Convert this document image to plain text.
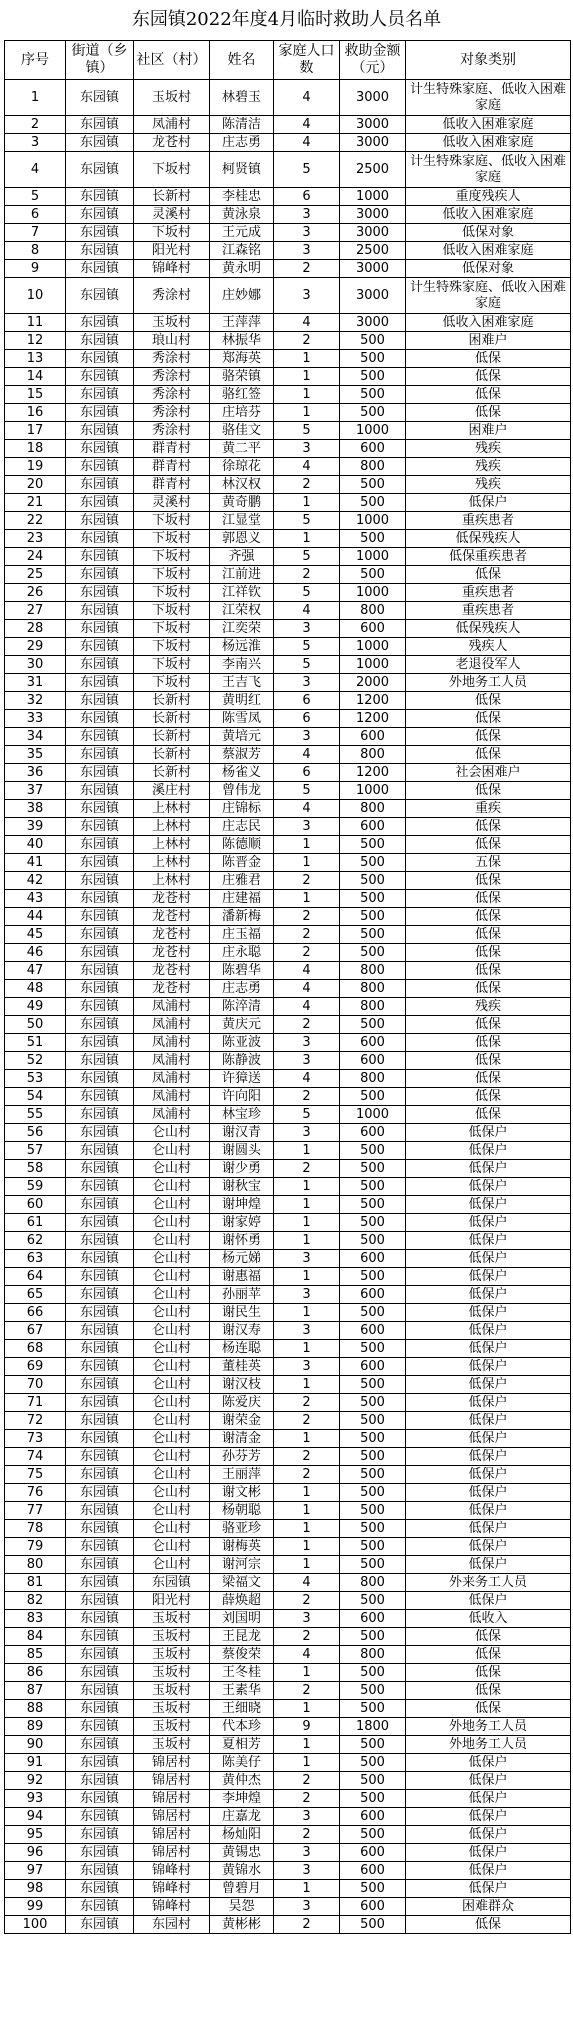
东园镇2022年度4月临时救助人员名单
序号	街道（乡镇）	社区（村）	姓名	家庭人口数	救助金额（元）	对象类别
1	东园镇	玉坂村	林碧玉	4	3000	计生特殊家庭、低收入困难家庭
2	东园镇	凤浦村	陈清洁	4	3000	低收入困难家庭
3	东园镇	龙苍村	庄志勇	4	3000	低收入困难家庭
4	东园镇	下坂村	柯贤镇	5	2500	计生特殊家庭、低收入困难家庭
5	东园镇	长新村	李桂忠	6	1000	重度残疾人
6	东园镇	灵溪村	黄泳泉	3	3000	低收入困难家庭
7	东园镇	下坂村	王元成	3	3000	低保对象
8	东园镇	阳光村	江森铭	3	2500	低收入困难家庭
9	东园镇	锦峰村	黄永明	2	3000	低保对象
10	东园镇	秀涂村	庄妙娜	3	3000	计生特殊家庭、低收入困难家庭
11	东园镇	玉坂村	王萍萍	4	3000	低收入困难家庭
12	东园镇	琅山村	林振华	2	500	困难户
13	东园镇	秀涂村	郑海英	1	500	低保
14	东园镇	秀涂村	骆荣镇	1	500	低保
15	东园镇	秀涂村	骆红签	1	500	低保
16	东园镇	秀涂村	庄培芬	1	500	低保
17	东园镇	秀涂村	骆佳文	5	1000	困难户
18	东园镇	群青村	黄二平	3	600	残疾
19	东园镇	群青村	徐琼花	4	800	残疾
20	东园镇	群青村	林汉权	2	500	残疾
21	东园镇	灵溪村	黄奇鹏	1	500	低保户
22	东园镇	下坂村	江显堂	5	1000	重疾患者
23	东园镇	下坂村	郭恩义	1	500	低保残疾人
24	东园镇	下坂村	齐强	5	1000	低保重疾患者
25	东园镇	下坂村	江前进	2	500	低保
26	东园镇	下坂村	江祥钦	5	1000	重疾患者
27	东园镇	下坂村	江荣权	4	800	重疾患者
28	东园镇	下坂村	江奕荣	3	600	低保残疾人
29	东园镇	下坂村	杨远淮	5	1000	残疾人
30	东园镇	下坂村	李南兴	5	1000	老退役军人
31	东园镇	下坂村	王吉飞	3	2000	外地务工人员
32	东园镇	长新村	黄明红	6	1200	低保
33	东园镇	长新村	陈雪凤	6	1200	低保
34	东园镇	长新村	黄培元	3	600	低保
35	东园镇	长新村	蔡淑芳	4	800	低保
36	东园镇	长新村	杨雀义	6	1200	社会困难户
37	东园镇	溪庄村	曾伟龙	5	1000	低保
38	东园镇	上林村	庄锦标	4	800	重疾
39	东园镇	上林村	庄志民	3	600	低保
40	东园镇	上林村	陈德顺	1	500	低保
41	东园镇	上林村	陈晋金	1	500	五保
42	东园镇	上林村	庄雅君	2	500	低保
43	东园镇	龙苍村	庄建福	1	500	低保
44	东园镇	龙苍村	潘新梅	2	500	低保
45	东园镇	龙苍村	庄玉福	2	500	低保
46	东园镇	龙苍村	庄永聪	2	500	低保
47	东园镇	龙苍村	陈碧华	4	800	低保
48	东园镇	龙苍村	庄志勇	4	800	低保
49	东园镇	凤浦村	陈淬清	4	800	残疾
50	东园镇	凤浦村	黄庆元	2	500	低保
51	东园镇	凤浦村	陈亚波	3	600	低保
52	东园镇	凤浦村	陈静波	3	600	低保
53	东园镇	凤浦村	许獐送	4	800	低保
54	东园镇	凤浦村	许向阳	2	500	低保
55	东园镇	凤浦村	林宝珍	5	1000	低保
56	东园镇	仑山村	谢汉青	3	600	低保户
57	东园镇	仑山村	谢圆头	1	500	低保户
58	东园镇	仑山村	谢少勇	2	500	低保户
59	东园镇	仑山村	谢秋宝	1	500	低保户
60	东园镇	仑山村	谢坤煌	1	500	低保户
61	东园镇	仑山村	谢家婷	1	500	低保户
62	东园镇	仑山村	谢怀勇	1	500	低保户
63	东园镇	仑山村	杨元娣	3	600	低保户
64	东园镇	仑山村	谢惠福	1	500	低保户
65	东园镇	仑山村	孙丽苹	3	600	低保户
66	东园镇	仑山村	谢民生	1	500	低保户
67	东园镇	仑山村	谢汉寿	3	600	低保户
68	东园镇	仑山村	杨连聪	1	500	低保户
69	东园镇	仑山村	董桂英	3	600	低保户
70	东园镇	仑山村	谢汉枝	1	500	低保户
71	东园镇	仑山村	陈爱庆	2	500	低保户
72	东园镇	仑山村	谢荣金	2	500	低保户
73	东园镇	仑山村	谢清金	1	500	低保户
74	东园镇	仑山村	孙芬芳	2	500	低保户
75	东园镇	仑山村	王丽萍	2	500	低保户
76	东园镇	仑山村	谢文彬	1	500	低保户
77	东园镇	仑山村	杨朝聪	1	500	低保户
78	东园镇	仑山村	骆亚珍	1	500	低保户
79	东园镇	仑山村	谢梅英	1	500	低保户
80	东园镇	仑山村	谢河宗	1	500	低保户
81	东园镇	东园镇	梁福文	4	800	外来务工人员
82	东园镇	阳光村	薛焕超	2	500	低保户
83	东园镇	玉坂村	刘国明	3	600	低收入
84	东园镇	玉坂村	王昆龙	2	500	低保
85	东园镇	玉坂村	蔡俊荣	4	800	低保
86	东园镇	玉坂村	王冬桂	1	500	低保
87	东园镇	玉坂村	王素华	2	500	低保
88	东园镇	玉坂村	王细晓	1	500	低保
89	东园镇	玉坂村	代本珍	9	1800	外地务工人员
90	东园镇	玉坂村	夏相芳	1	500	外地务工人员
91	东园镇	锦居村	陈美仔	1	500	低保户
92	东园镇	锦居村	黄仲杰	2	500	低保户
93	东园镇	锦居村	李坤煌	2	500	低保户
94	东园镇	锦居村	庄嘉龙	3	600	低保户
95	东园镇	锦居村	杨灿阳	2	500	低保户
96	东园镇	锦居村	黄锡忠	3	600	低保户
97	东园镇	锦峰村	黄锦水	3	600	低保户
98	东园镇	锦峰村	曾碧月	1	500	低保户
99	东园镇	锦峰村	吴怨	3	600	困难群众
100	东园镇	东园村	黄彬彬	2	500	低保
